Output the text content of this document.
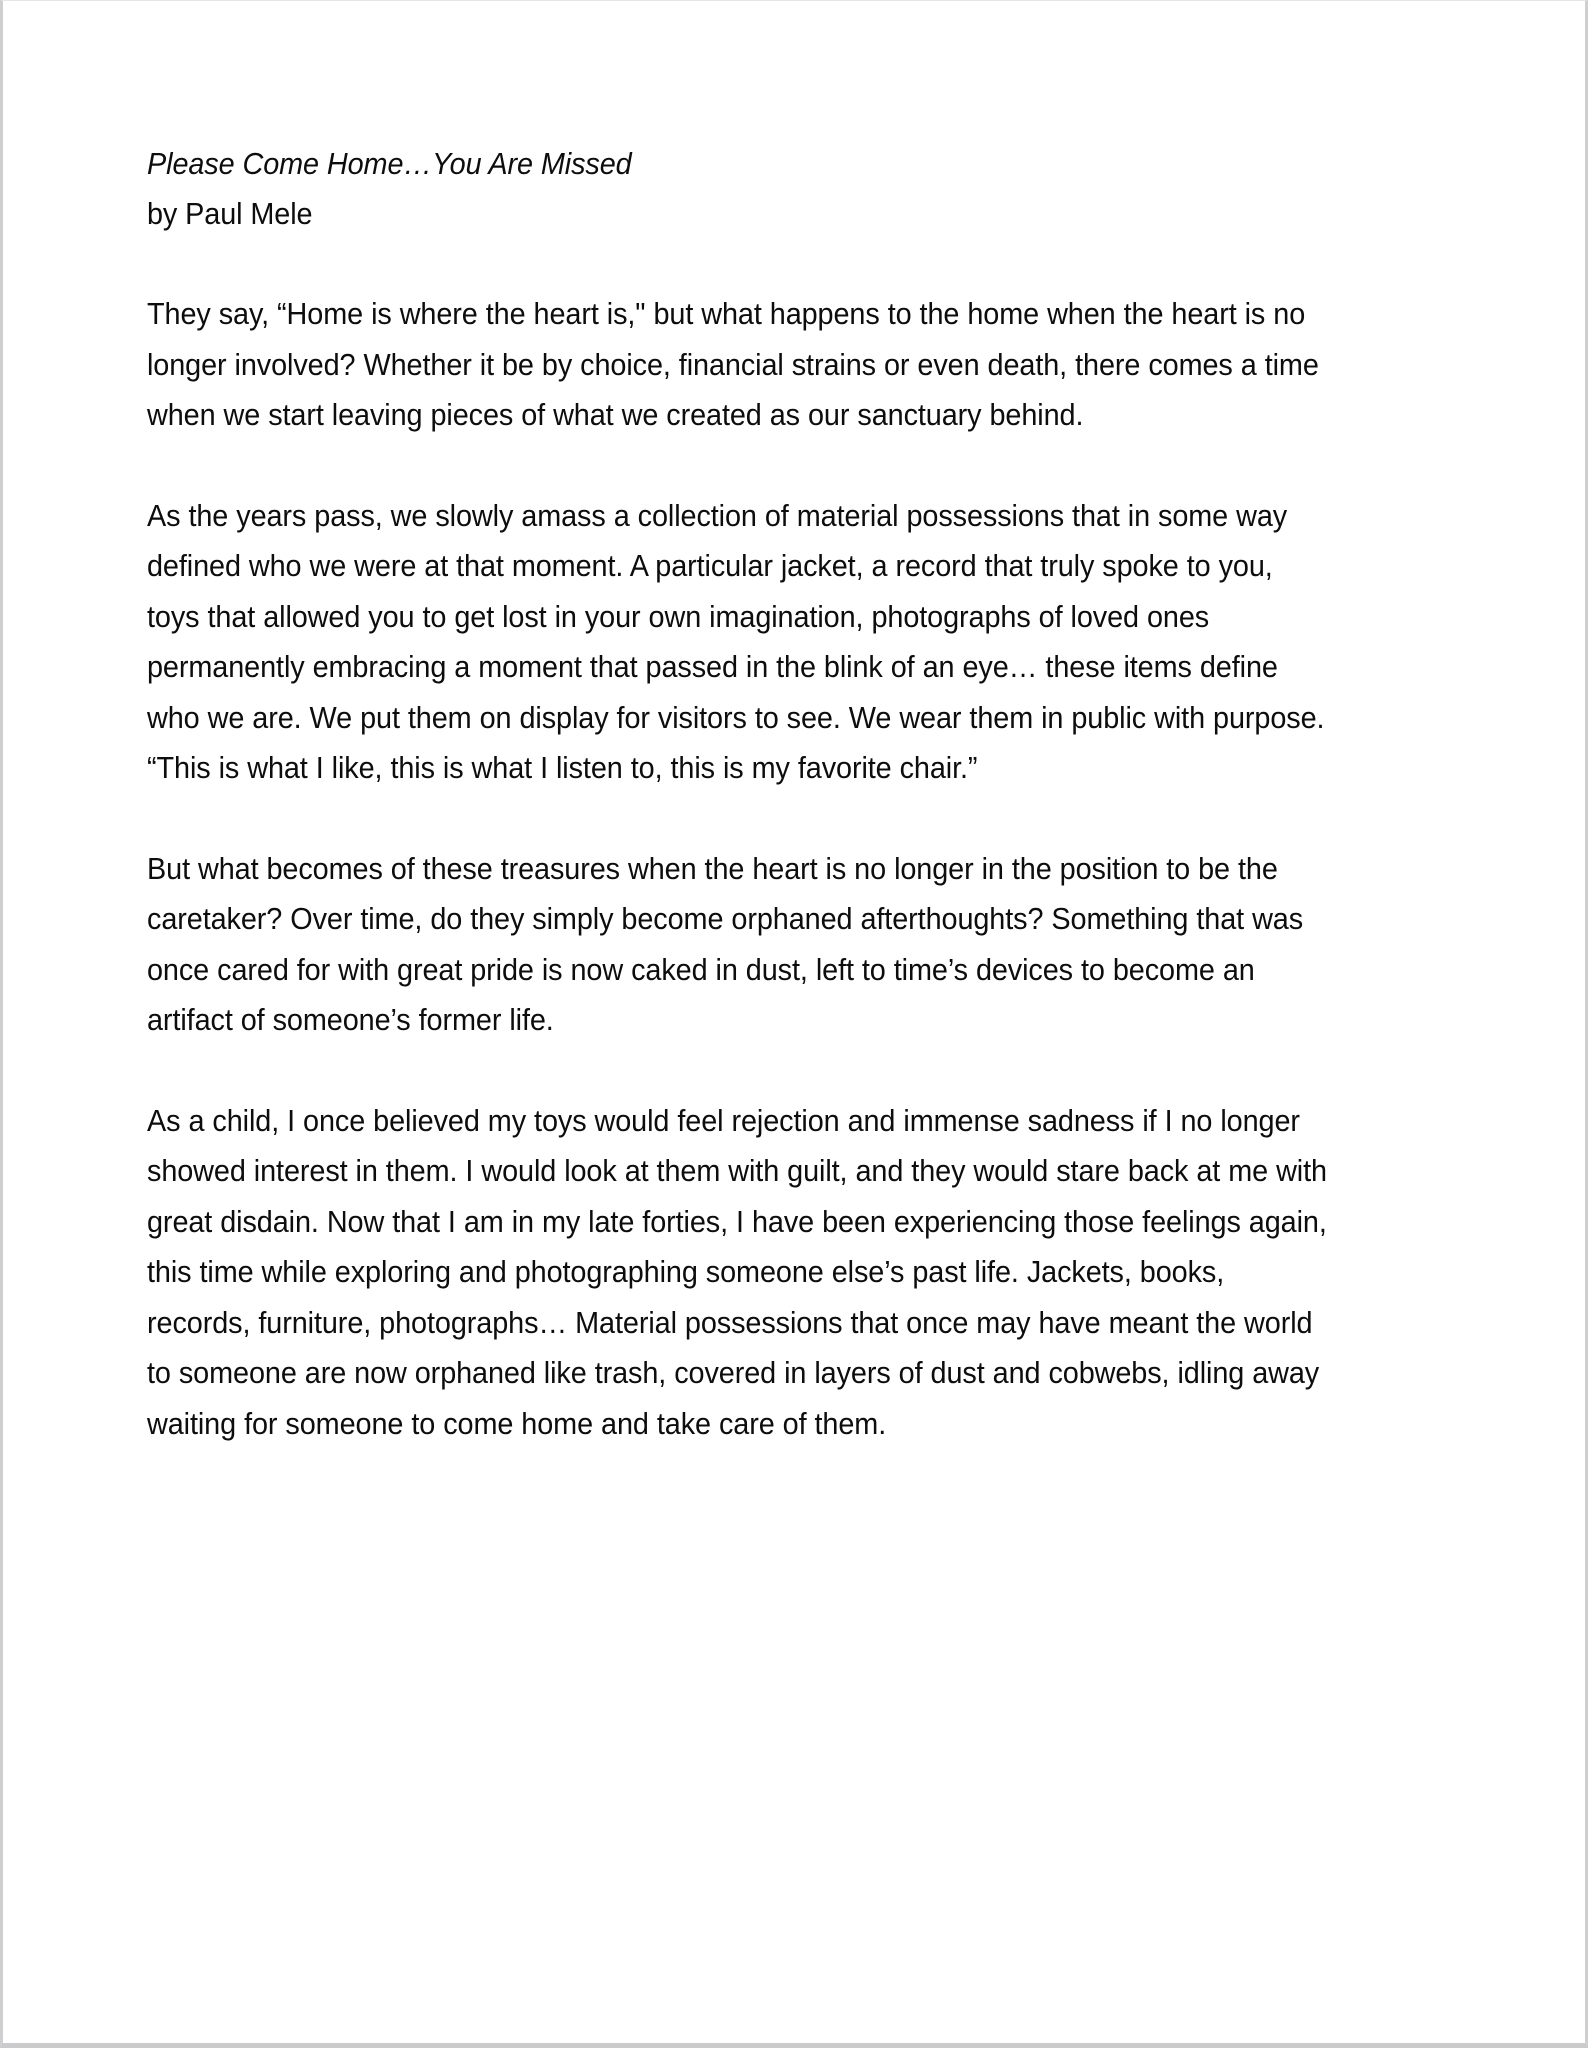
Please Come Home…You Are Missed
by Paul Mele

They say, “Home is where the heart is," but what happens to the home when the heart is no longer involved? Whether it be by choice, financial strains or even death, there comes a time when we start leaving pieces of what we created as our sanctuary behind.

As the years pass, we slowly amass a collection of material possessions that in some way defined who we were at that moment. A particular jacket, a record that truly spoke to you, toys that allowed you to get lost in your own imagination, photographs of loved ones permanently embracing a moment that passed in the blink of an eye… these items define who we are. We put them on display for visitors to see. We wear them in public with purpose. “This is what I like, this is what I listen to, this is my favorite chair.”

But what becomes of these treasures when the heart is no longer in the position to be the caretaker? Over time, do they simply become orphaned afterthoughts? Something that was once cared for with great pride is now caked in dust, left to time’s devices to become an artifact of someone’s former life.

As a child, I once believed my toys would feel rejection and immense sadness if I no longer showed interest in them. I would look at them with guilt, and they would stare back at me with great disdain. Now that I am in my late forties, I have been experiencing those feelings again, this time while exploring and photographing someone else’s past life. Jackets, books, records, furniture, photographs… Material possessions that once may have meant the world to someone are now orphaned like trash, covered in layers of dust and cobwebs, idling away waiting for someone to come home and take care of them.
